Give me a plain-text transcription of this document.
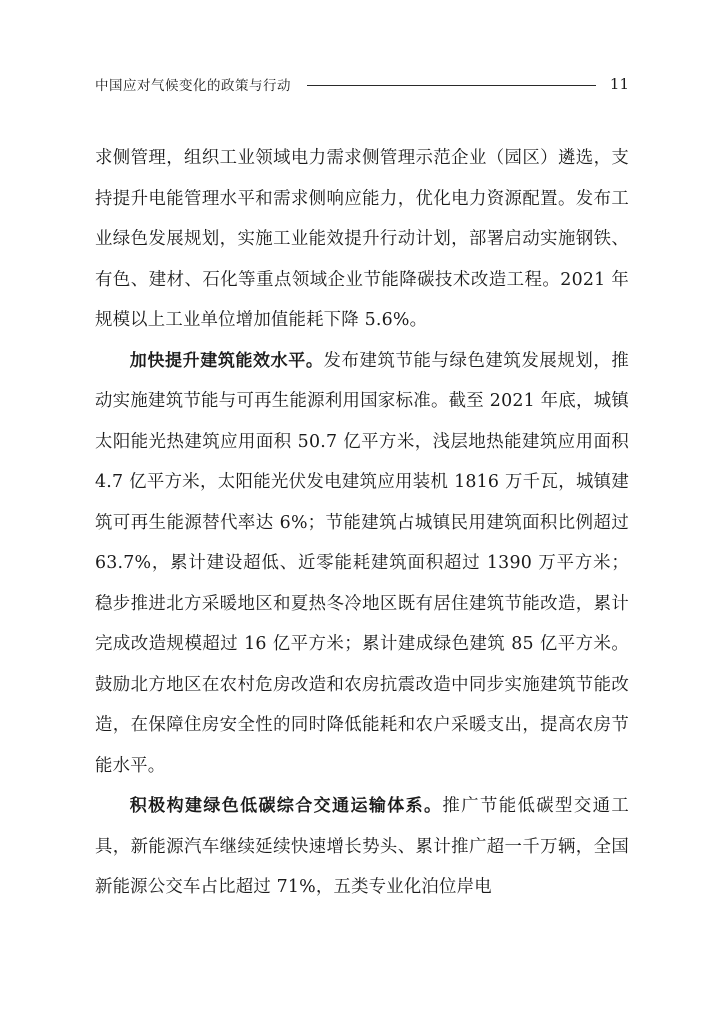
中国应对气候变化的政策与行动	11

求侧管理，组织工业领域电力需求侧管理示范企业（园区）遴选，支持提升电能管理水平和需求侧响应能力，优化电力资源配置。发布工业绿色发展规划，实施工业能效提升行动计划，部署启动实施钢铁、有色、建材、石化等重点领域企业节能降碳技术改造工程。2021 年规模以上工业单位增加值能耗下降 5.6%。

加快提升建筑能效水平。发布建筑节能与绿色建筑发展规划，推动实施建筑节能与可再生能源利用国家标准。截至 2021 年底，城镇太阳能光热建筑应用面积 50.7 亿平方米，浅层地热能建筑应用面积 4.7 亿平方米，太阳能光伏发电建筑应用装机 1816 万千瓦，城镇建筑可再生能源替代率达 6%；节能建筑占城镇民用建筑面积比例超过 63.7%，累计建设超低、近零能耗建筑面积超过 1390 万平方米；稳步推进北方采暖地区和夏热冬冷地区既有居住建筑节能改造，累计完成改造规模超过 16 亿平方米；累计建成绿色建筑 85 亿平方米。鼓励北方地区在农村危房改造和农房抗震改造中同步实施建筑节能改造，在保障住房安全性的同时降低能耗和农户采暖支出，提高农房节能水平。

积极构建绿色低碳综合交通运输体系。推广节能低碳型交通工具，新能源汽车继续延续快速增长势头、累计推广超一千万辆，全国新能源公交车占比超过 71%，五类专业化泊位岸电
